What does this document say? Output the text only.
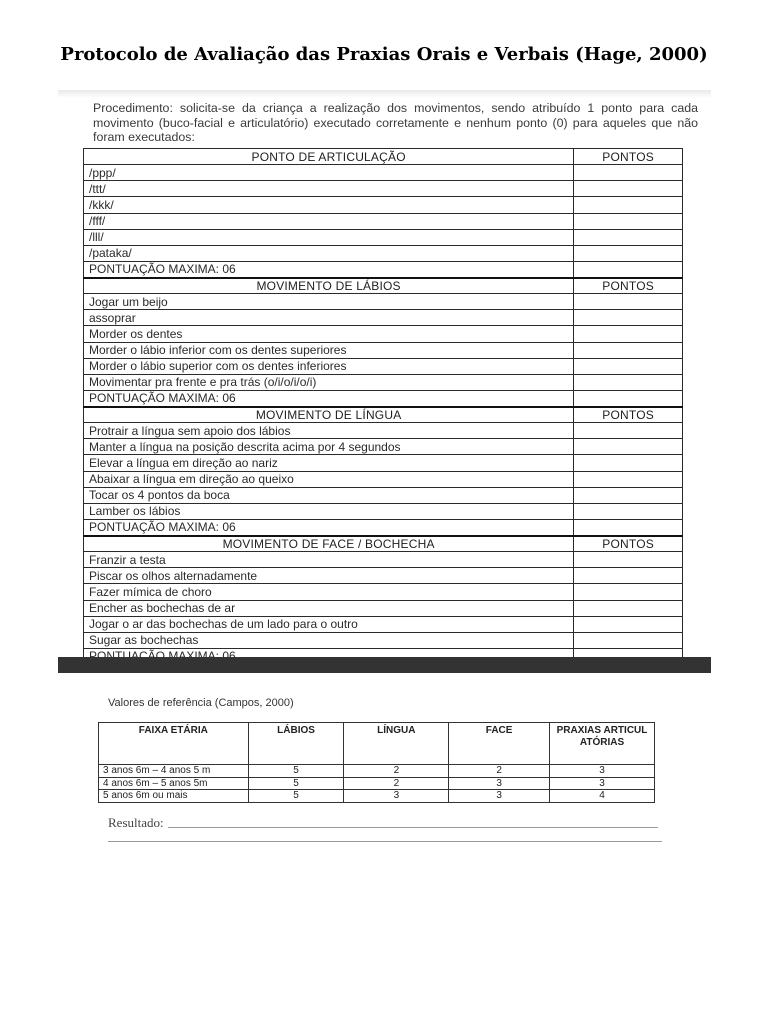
Protocolo de Avaliação das Praxias Orais e Verbais (Hage, 2000)

Procedimento: solicita-se da criança a realização dos movimentos, sendo atribuído 1 ponto para cada movimento (buco-facial e articulatório) executado corretamente e nenhum ponto (0) para aqueles que não foram executados:

PONTO DE ARTICULAÇÃO	PONTOS
/ppp/	
/ttt/	
/kkk/	
/fff/	
/lll/	
/pataka/	
PONTUAÇÃO MAXIMA: 06	
MOVIMENTO DE LÁBIOS	PONTOS
Jogar um beijo	
assoprar	
Morder os dentes	
Morder o lábio inferior com os dentes superiores	
Morder o lábio superior com os dentes inferiores	
Movimentar pra frente e pra trás (o/i/o/i/o/i)	
PONTUAÇÃO MAXIMA: 06	
MOVIMENTO DE LÍNGUA	PONTOS
Protrair a língua sem apoio dos lábios	
Manter a língua na posição descrita acima por 4 segundos	
Elevar a língua em direção ao nariz	
Abaixar a língua em direção ao queixo	
Tocar os 4 pontos da boca	
Lamber os lábios	
PONTUAÇÃO MAXIMA: 06	
MOVIMENTO DE FACE / BOCHECHA	PONTOS
Franzir a testa	
Piscar os olhos alternadamente	
Fazer mímica de choro	
Encher as bochechas de ar	
Jogar o ar das bochechas de um lado para o outro	
Sugar as bochechas	

Valores de referência (Campos, 2000)
FAIXA ETÁRIA	LÁBIOS	LÍNGUA	FACE	PRAXIAS ARTICULATÓRIAS
3 anos 6m – 4 anos 5 m	5	2	2	3
4 anos 6m – 5 anos 5m	5	2	3	3
5 anos 6m ou mais	5	3	3	4
Resultado:
